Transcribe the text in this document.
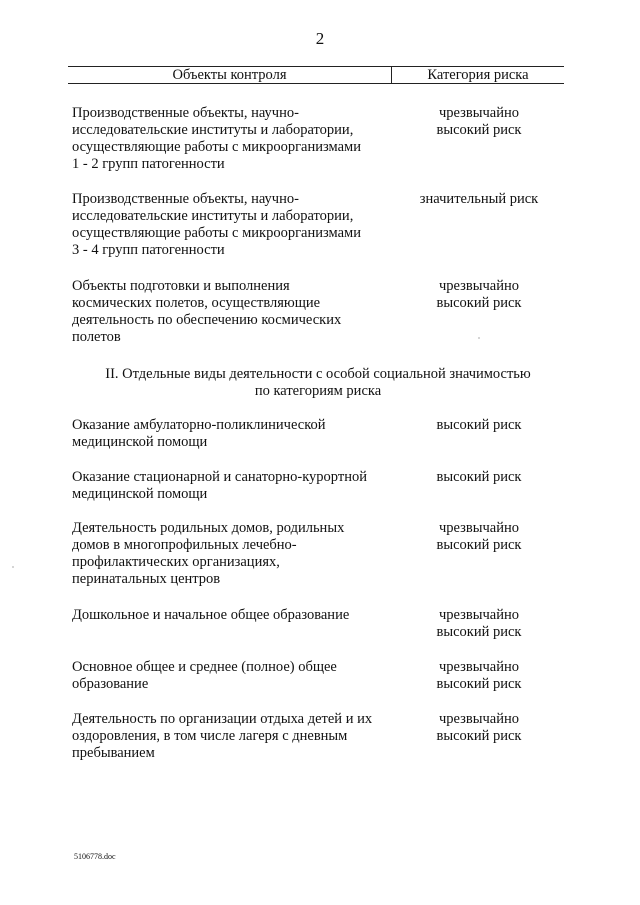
2
Объекты контроля	Категория риска
Производственные объекты, научно-
исследовательские институты и лаборатории,
осуществляющие работы с микроорганизмами
1 - 2 групп патогенности
чрезвычайно
высокий риск
Производственные объекты, научно-
исследовательские институты и лаборатории,
осуществляющие работы с микроорганизмами
3 - 4 групп патогенности
значительный риск
Объекты подготовки и выполнения
космических полетов, осуществляющие
деятельность по обеспечению космических
полетов
чрезвычайно
высокий риск
II. Отдельные виды деятельности с особой социальной значимостью
по категориям риска
Оказание амбулаторно-поликлинической
медицинской помощи
высокий риск
Оказание стационарной и санаторно-курортной
медицинской помощи
высокий риск
Деятельность родильных домов, родильных
домов в многопрофильных лечебно-
профилактических организациях,
перинатальных центров
чрезвычайно
высокий риск
Дошкольное и начальное общее образование	чрезвычайно
высокий риск
Основное общее и среднее (полное) общее
образование
чрезвычайно
высокий риск
Деятельность по организации отдыха детей и их
оздоровления, в том числе лагеря с дневным
пребыванием
чрезвычайно
высокий риск
5106778.doc
